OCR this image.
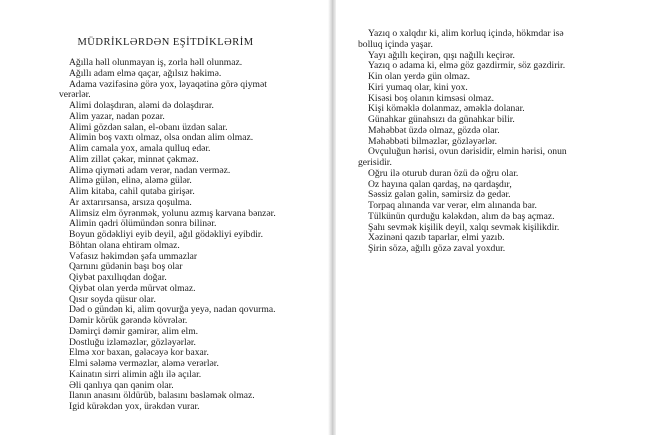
MÜDRİKLƏRDƏN EŞİTDİKLƏRİM
Ağılla həll olunmayan iş, zorla həll olunmaz.
Ağıllı adam elmə qaçar, ağılsız həkimə.
Adama vəzifəsinə görə yox, ləyaqətinə görə qiymət
verərlər.
Alimi dolaşdıran, aləmi də dolaşdırar.
Alim yazar, nadan pozar.
Alimi gözdən salan, el-obanı üzdən salar.
Alimin boş vaxtı olmaz, olsa ondan alim olmaz.
Alim camala yox, amala qulluq edər.
Alim zillət çəkər, minnət çəkməz.
Alimə qiyməti adam verər, nadan verməz.
Alimə gülən, elinə, aləmə gülər.
Alim kitaba, cahil qutaba girişər.
Ar axtarırsansa, arsızа qoşulma.
Alimsiz elm öyrənmək, yolunu azmış karvana bənzər.
Alimin qədri ölümündən sonra bilinər.
Boyun gödəkliyi eyib deyil, ağıl gödəkliyi eyibdir.
Böhtan olana ehtiram olmaz.
Vəfasız həkimdən şəfa ummazlar
Qarnını güdənin başı boş olar
Qiybət paxıllıqdan doğar.
Qiybət olan yerdə mürvət olmaz.
Qısır soyda qüsur olar.
Dəd o gündən ki, alim qovurğa yeyə, nadan qovurma.
Dəmir körük gərəndə kövrələr.
Dəmirçi dəmir gəmirər, alim elm.
Dostluğu izləməzlər, gözləyərlər.
Elmə xor baxan, gələcəyə kor baxar.
Elmi sələmə verməzlər, aləmə verərlər.
Kainatın sirri alimin ağlı ilə açılar.
Əli qanlıya qan qənim olar.
İlanın anasını öldürüb, balasını bəsləmək olmaz.
İgid kürəkdən yox, ürəkdən vurar.
Yazıq o xalqdır ki, alim korluq içində, hökmdar isə
bolluq içində yaşar.
Yayı ağıllı keçirən, qışı nağıllı keçirər.
Yazıq o adama ki, elmə göz gəzdirmir, söz gəzdirir.
Kin olan yerdə gün olmaz.
Kiri yumaq olar, kini yox.
Kisəsi boş olanın kimsəsi olmaz.
Kişi köməklə dolanmaz, əməklə dolanar.
Günahkar günahsızı da günahkar bilir.
Məhəbbət üzdə olmaz, gözdə olar.
Məhəbbəti bilməzlər, gözləyərlər.
Ovçuluğun hərisi, ovun dərisidir, elmin hərisi, onun
gerisidir.
Oğru ilə oturub duran özü də oğru olar.
Öz hayına qalan qardaş, nə qardaşdır,
Səssiz gələn gəlin, səmirsiz də gedər.
Torpaq alınanda var verər, elm alınanda bar.
Tülkünün qurduğu kələkdən, alım də baş açmaz.
Şahı sevmək kişilik deyil, xalqı sevmək kişilikdir.
Xəzinəni qazıb taparlar, elmi yazıb.
Şirin sözə, ağıllı gözə zaval yoxdur.
